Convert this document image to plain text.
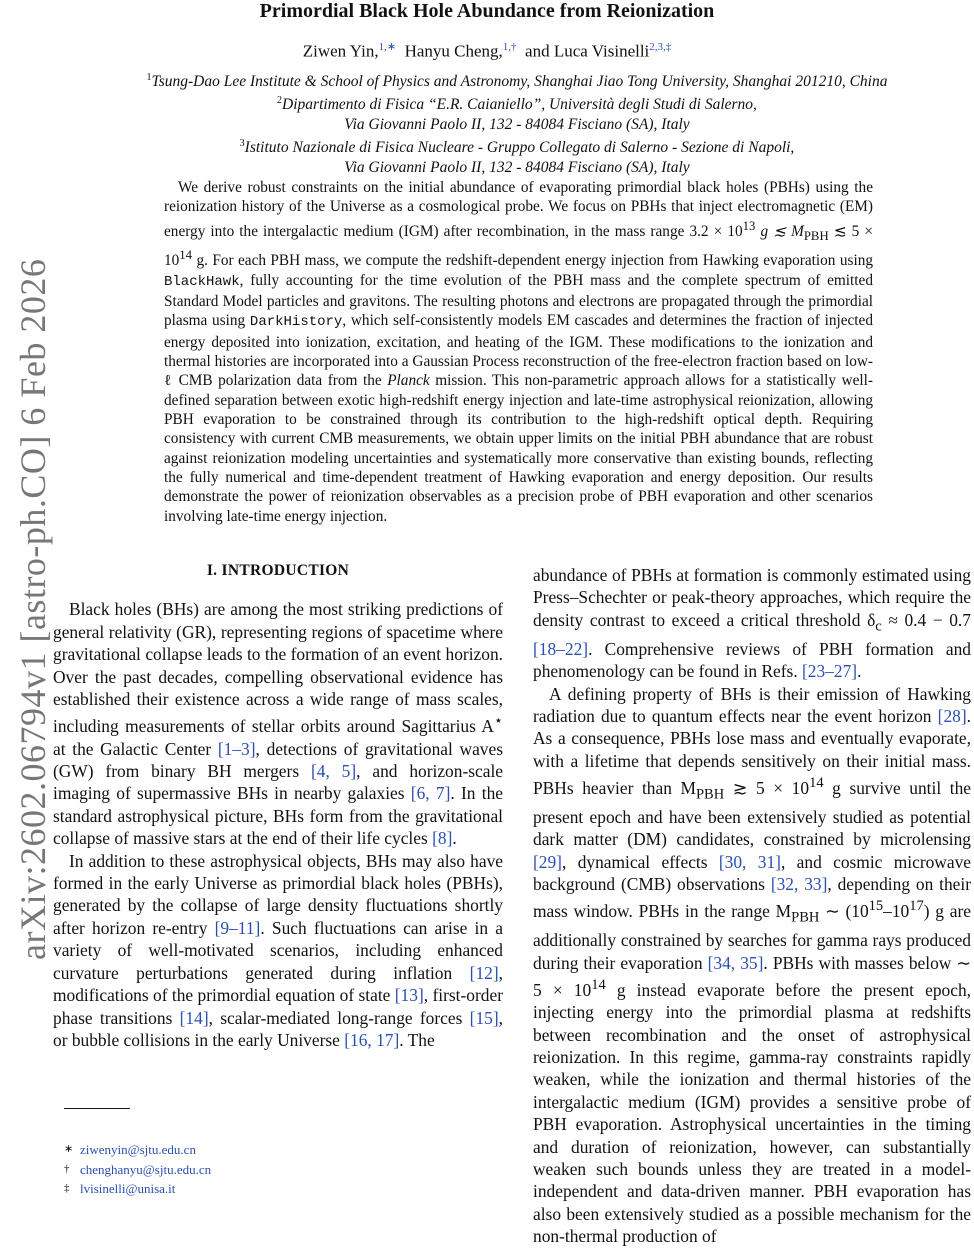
Primordial Black Hole Abundance from Reionization
Ziwen Yin,$^{1,∗}$ Hanyu Cheng,$^{1,\dagger}$ and Luca Visinelli$^{2,3,\ddagger}$
$^1$Tsung-Dao Lee Institute & School of Physics and Astronomy, Shanghai Jiao Tong University, Shanghai 201210, China
$^2$Dipartimento di Fisica “E.R. Caianiello”, Università degli Studi di Salerno,
Via Giovanni Paolo II, 132 - 84084 Fisciano (SA), Italy
$^3$Istituto Nazionale di Fisica Nucleare - Gruppo Collegato di Salerno - Sezione di Napoli,
Via Giovanni Paolo II, 132 - 84084 Fisciano (SA), Italy

We derive robust constraints on the initial abundance of evaporating primordial black holes (PBHs) using the reionization history of the Universe as a cosmological probe. We focus on PBHs that inject electromagnetic (EM) energy into the intergalactic medium (IGM) after recombination, in the mass range $3.2 \times 10^{13}$ g ≲ $M_{PBH}$ ≲ $5 \times 10^{14}$ g. For each PBH mass, we compute the redshift-dependent energy injection from Hawking evaporation using BlackHawk, fully accounting for the time evolution of the PBH mass and the complete spectrum of emitted Standard Model particles and gravitons. The resulting photons and electrons are propagated through the primordial plasma using DarkHistory, which self-consistently models EM cascades and determines the fraction of injected energy deposited into ionization, excitation, and heating of the IGM. These modifications to the ionization and thermal histories are incorporated into a Gaussian Process reconstruction of the free-electron fraction based on low-ℓ CMB polarization data from the Planck mission. This non-parametric approach allows for a statistically well-defined separation between exotic high-redshift energy injection and late-time astrophysical reionization, allowing PBH evaporation to be constrained through its contribution to the high-redshift optical depth. Requiring consistency with current CMB measurements, we obtain upper limits on the initial PBH abundance that are robust against reionization modeling uncertainties and systematically more conservative than existing bounds, reflecting the fully numerical and time-dependent treatment of Hawking evaporation and energy deposition. Our results demonstrate the power of reionization observables as a precision probe of PBH evaporation and other scenarios involving late-time energy injection.

arXiv:2602.06794v1 [astro-ph.CO] 6 Feb 2026	I. INTRODUCTION

Black holes (BHs) are among the most striking predictions of general relativity (GR), representing regions of spacetime where gravitational collapse leads to the formation of an event horizon. Over the past decades, compelling observational evidence has established their existence across a wide range of mass scales, including measurements of stellar orbits around Sagittarius A⋆ at the Galactic Center [1–3], detections of gravitational waves (GW) from binary BH mergers [4, 5], and horizon-scale imaging of supermassive BHs in nearby galaxies [6, 7]. In the standard astrophysical picture, BHs form from the gravitational collapse of massive stars at the end of their life cycles [8].

In addition to these astrophysical objects, BHs may also have formed in the early Universe as primordial black holes (PBHs), generated by the collapse of large density fluctuations shortly after horizon re-entry [9–11]. Such fluctuations can arise in a variety of well-motivated scenarios, including enhanced curvature perturbations generated during inflation [12], modifications of the primordial equation of state [13], first-order phase transitions [14], scalar-mediated long-range forces [15], or bubble collisions in the early Universe [16, 17]. The

abundance of PBHs at formation is commonly estimated using Press–Schechter or peak-theory approaches, which require the density contrast to exceed a critical threshold $\delta_c \approx 0.4 - 0.7$ [18–22]. Comprehensive reviews of PBH formation and phenomenology can be found in Refs. [23–27].

A defining property of BHs is their emission of Hawking radiation due to quantum effects near the event horizon [28]. As a consequence, PBHs lose mass and eventually evaporate, with a lifetime that depends sensitively on their initial mass. PBHs heavier than $M_{PBH}$ ≳ $5 \times 10^{14}$ g survive until the present epoch and have been extensively studied as potential dark matter (DM) candidates, constrained by microlensing [29], dynamical effects [30, 31], and cosmic microwave background (CMB) observations [32, 33], depending on their mass window. PBHs in the range $M_{PBH}$ ∼ $(10^{15}-10^{17})$ g are additionally constrained by searches for gamma rays produced during their evaporation [34, 35]. PBHs with masses below ∼ $5 \times 10^{14}$ g instead evaporate before the present epoch, injecting energy into the primordial plasma at redshifts between recombination and the onset of astrophysical reionization. In this regime, gamma-ray constraints rapidly weaken, while the ionization and thermal histories of the intergalactic medium (IGM) provides a sensitive probe of PBH evaporation. Astrophysical uncertainties in the timing and duration of reionization, however, can substantially weaken such bounds unless they are treated in a model-independent and data-driven manner. PBH evaporation has also been extensively studied as a possible mechanism for the non-thermal production of

∗ ziwenyin@sjtu.edu.cn
† chenghanyu@sjtu.edu.cn
‡ lvisinelli@unisa.it
